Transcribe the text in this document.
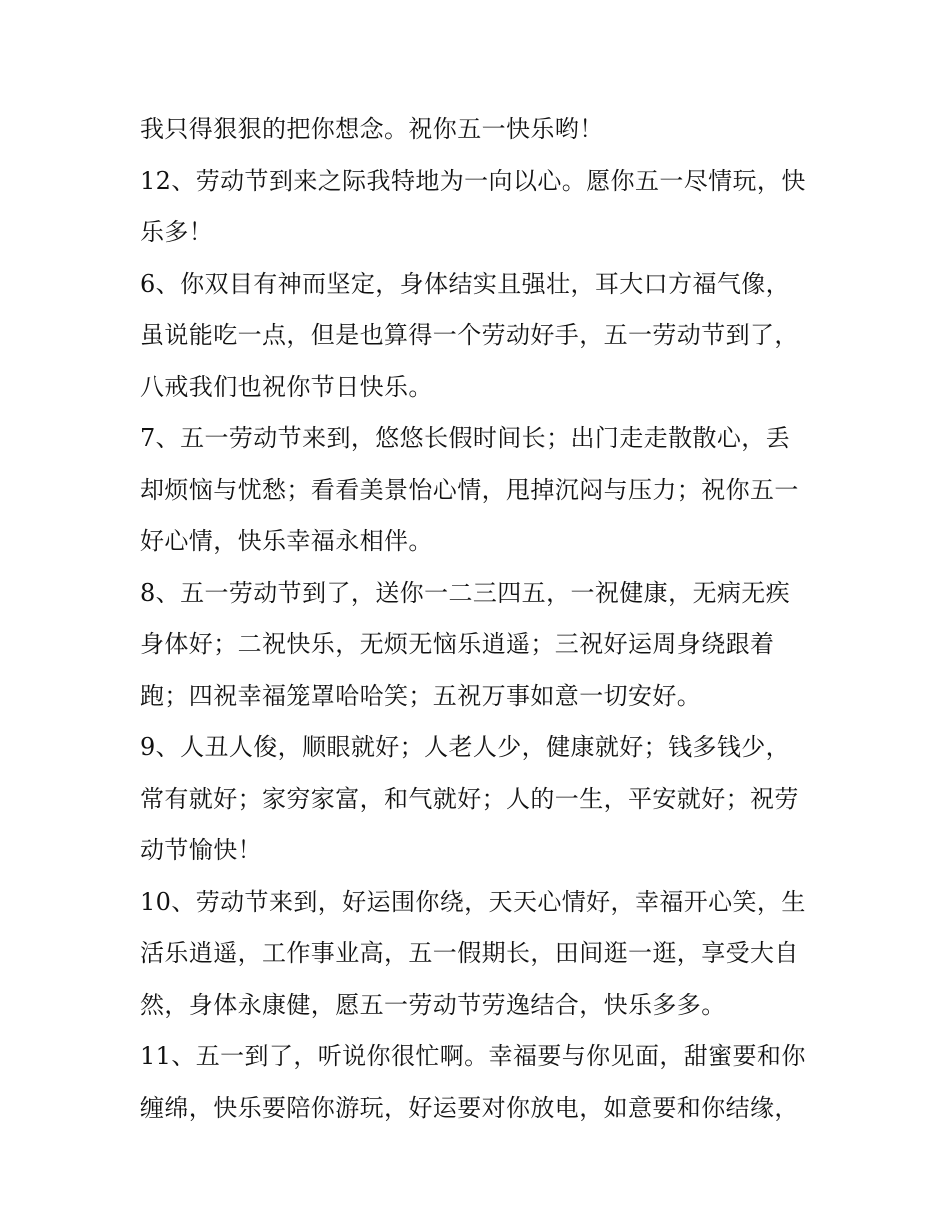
我只得狠狠的把你想念。祝你五一快乐哟！
12、劳动节到来之际我特地为一向以心。愿你五一尽情玩，快
乐多！
6、你双目有神而坚定，身体结实且强壮，耳大口方福气像，
虽说能吃一点，但是也算得一个劳动好手，五一劳动节到了，
八戒我们也祝你节日快乐。
7、五一劳动节来到，悠悠长假时间长；出门走走散散心，丢
却烦恼与忧愁；看看美景怡心情，甩掉沉闷与压力；祝你五一
好心情，快乐幸福永相伴。
8、五一劳动节到了，送你一二三四五，一祝健康，无病无疾
身体好；二祝快乐，无烦无恼乐逍遥；三祝好运周身绕跟着
跑；四祝幸福笼罩哈哈笑；五祝万事如意一切安好。
9、人丑人俊，顺眼就好；人老人少，健康就好；钱多钱少，
常有就好；家穷家富，和气就好；人的一生，平安就好；祝劳
动节愉快！
10、劳动节来到，好运围你绕，天天心情好，幸福开心笑，生
活乐逍遥，工作事业高，五一假期长，田间逛一逛，享受大自
然，身体永康健，愿五一劳动节劳逸结合，快乐多多。
11、五一到了，听说你很忙啊。幸福要与你见面，甜蜜要和你
缠绵，快乐要陪你游玩，好运要对你放电，如意要和你结缘，
